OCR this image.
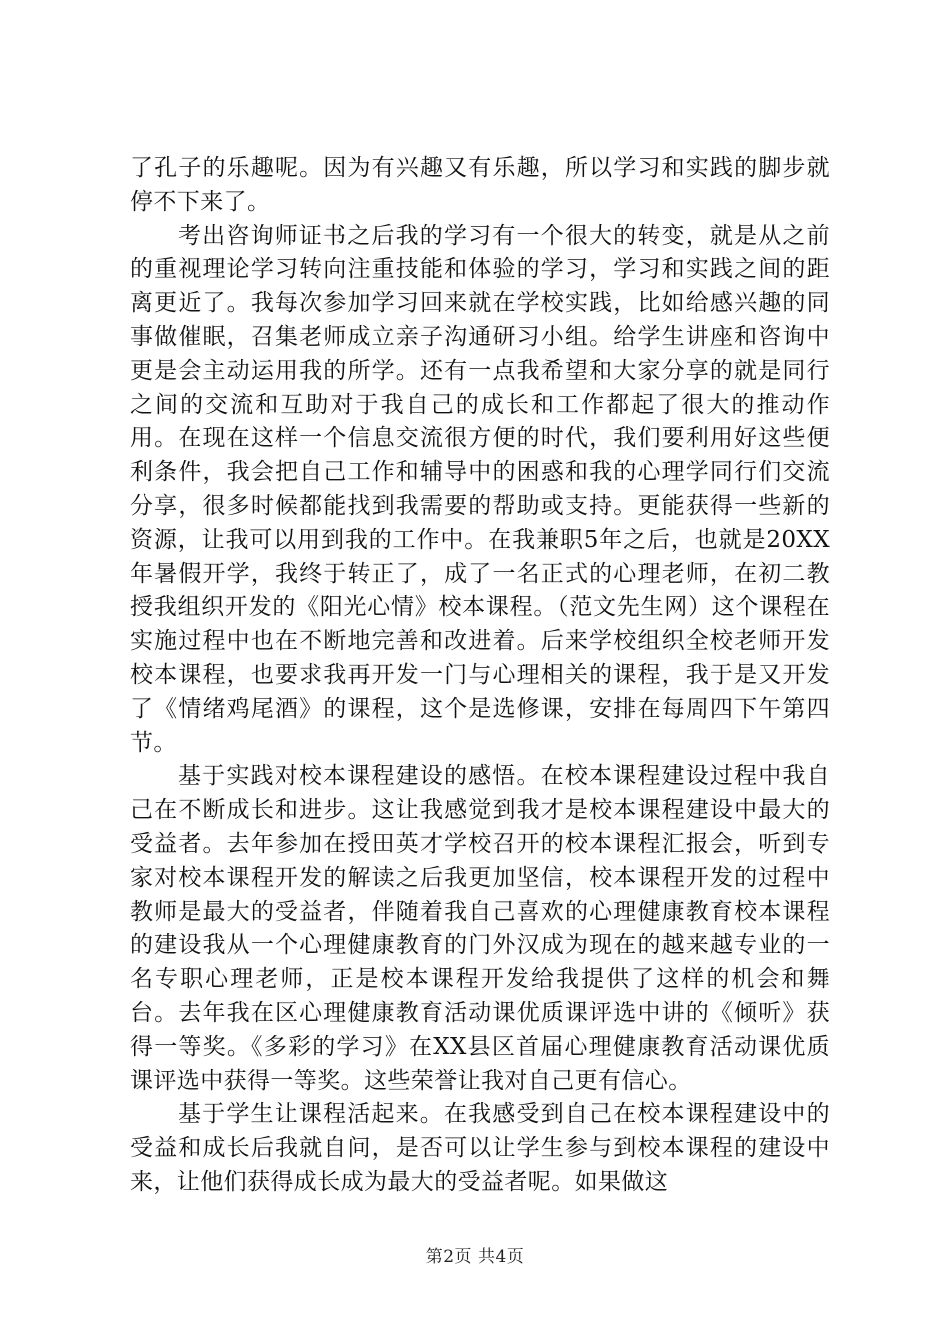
了孔子的乐趣呢。因为有兴趣又有乐趣，所以学习和实践的脚步就停不下来了。

考出咨询师证书之后我的学习有一个很大的转变，就是从之前的重视理论学习转向注重技能和体验的学习，学习和实践之间的距离更近了。我每次参加学习回来就在学校实践，比如给感兴趣的同事做催眠，召集老师成立亲子沟通研习小组。给学生讲座和咨询中更是会主动运用我的所学。还有一点我希望和大家分享的就是同行之间的交流和互助对于我自己的成长和工作都起了很大的推动作用。在现在这样一个信息交流很方便的时代，我们要利用好这些便利条件，我会把自己工作和辅导中的困惑和我的心理学同行们交流分享，很多时候都能找到我需要的帮助或支持。更能获得一些新的资源，让我可以用到我的工作中。在我兼职5年之后，也就是20XX年暑假开学，我终于转正了，成了一名正式的心理老师，在初二教授我组织开发的《阳光心情》校本课程。（范文先生网）这个课程在实施过程中也在不断地完善和改进着。后来学校组织全校老师开发校本课程，也要求我再开发一门与心理相关的课程，我于是又开发了《情绪鸡尾酒》的课程，这个是选修课，安排在每周四下午第四节。

基于实践对校本课程建设的感悟。在校本课程建设过程中我自己在不断成长和进步。这让我感觉到我才是校本课程建设中最大的受益者。去年参加在授田英才学校召开的校本课程汇报会，听到专家对校本课程开发的解读之后我更加坚信，校本课程开发的过程中教师是最大的受益者，伴随着我自己喜欢的心理健康教育校本课程的建设我从一个心理健康教育的门外汉成为现在的越来越专业的一名专职心理老师，正是校本课程开发给我提供了这样的机会和舞台。去年我在区心理健康教育活动课优质课评选中讲的《倾听》获得一等奖。《多彩的学习》在XX县区首届心理健康教育活动课优质课评选中获得一等奖。这些荣誉让我对自己更有信心。

基于学生让课程活起来。在我感受到自己在校本课程建设中的受益和成长后我就自问，是否可以让学生参与到校本课程的建设中来，让他们获得成长成为最大的受益者呢。如果做这

第2页 共4页
